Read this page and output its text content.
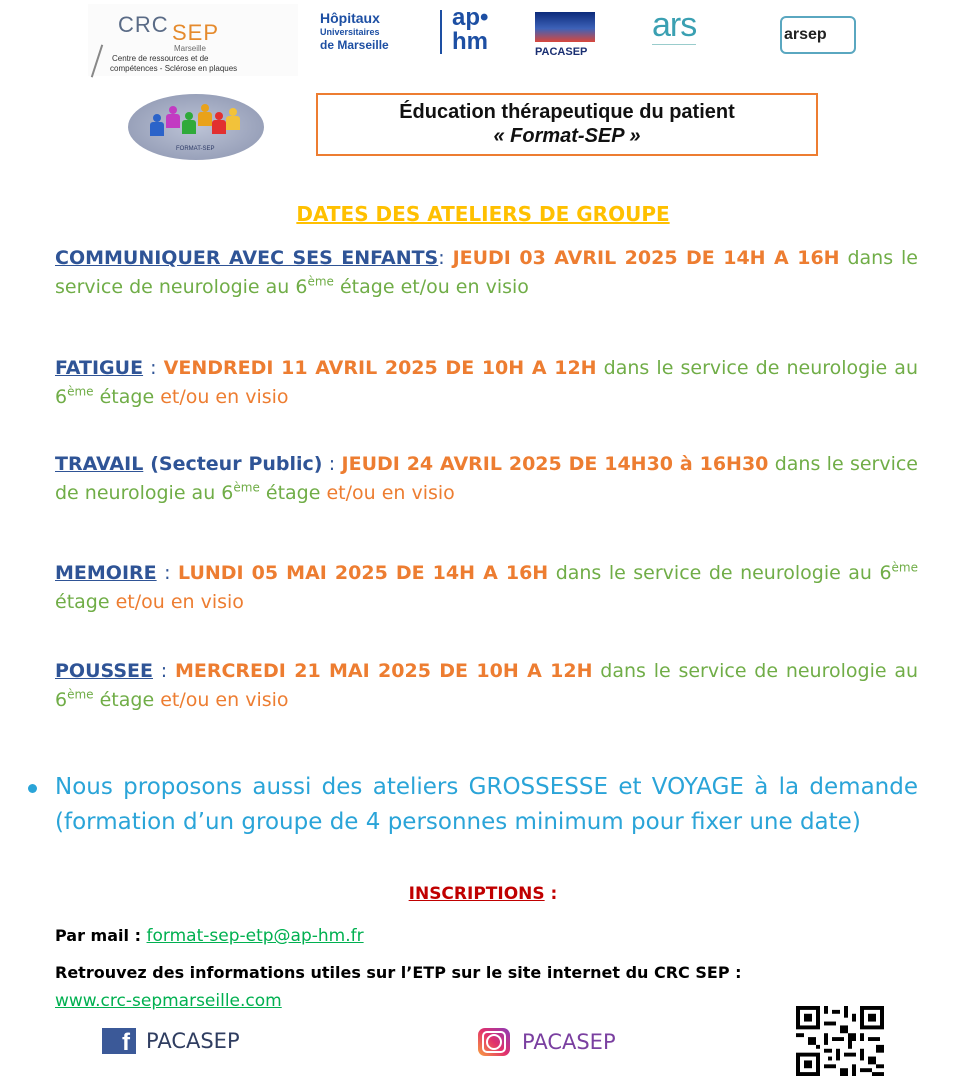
CRC SEP
Marseille
Centre de ressources et de
compétences - Sclérose en plaques
Hôpitaux
Universitaires
de Marseille
ap•
hm	PACASEP
ars	arsep
FORMAT-SEP
Éducation thérapeutique du patient
« Format-SEP »
DATES DES ATELIERS DE GROUPE
COMMUNIQUER AVEC SES ENFANTS: JEUDI 03 AVRIL 2025 DE 14H A 16H dans le service de neurologie au 6ème étage et/ou en visio
FATIGUE : VENDREDI 11 AVRIL 2025 DE 10H A 12H dans le service de neurologie au 6ème étage et/ou en visio
TRAVAIL (Secteur Public) : JEUDI 24 AVRIL 2025 DE 14H30 à 16H30 dans le service de neurologie au 6ème étage et/ou en visio
MEMOIRE : LUNDI 05 MAI 2025 DE 14H A 16H dans le service de neurologie au 6ème étage et/ou en visio
POUSSEE : MERCREDI 21 MAI 2025 DE 10H A 12H dans le service de neurologie au 6ème étage et/ou en visio
Nous proposons aussi des ateliers GROSSESSE et VOYAGE à la demande (formation d’un groupe de 4 personnes minimum pour fixer une date)
INSCRIPTIONS :
Par mail : format-sep-etp@ap-hm.fr
Retrouvez des informations utiles sur l’ETP sur le site internet du CRC SEP :
www.crc-sepmarseille.com
f PACASEP	PACASEP
